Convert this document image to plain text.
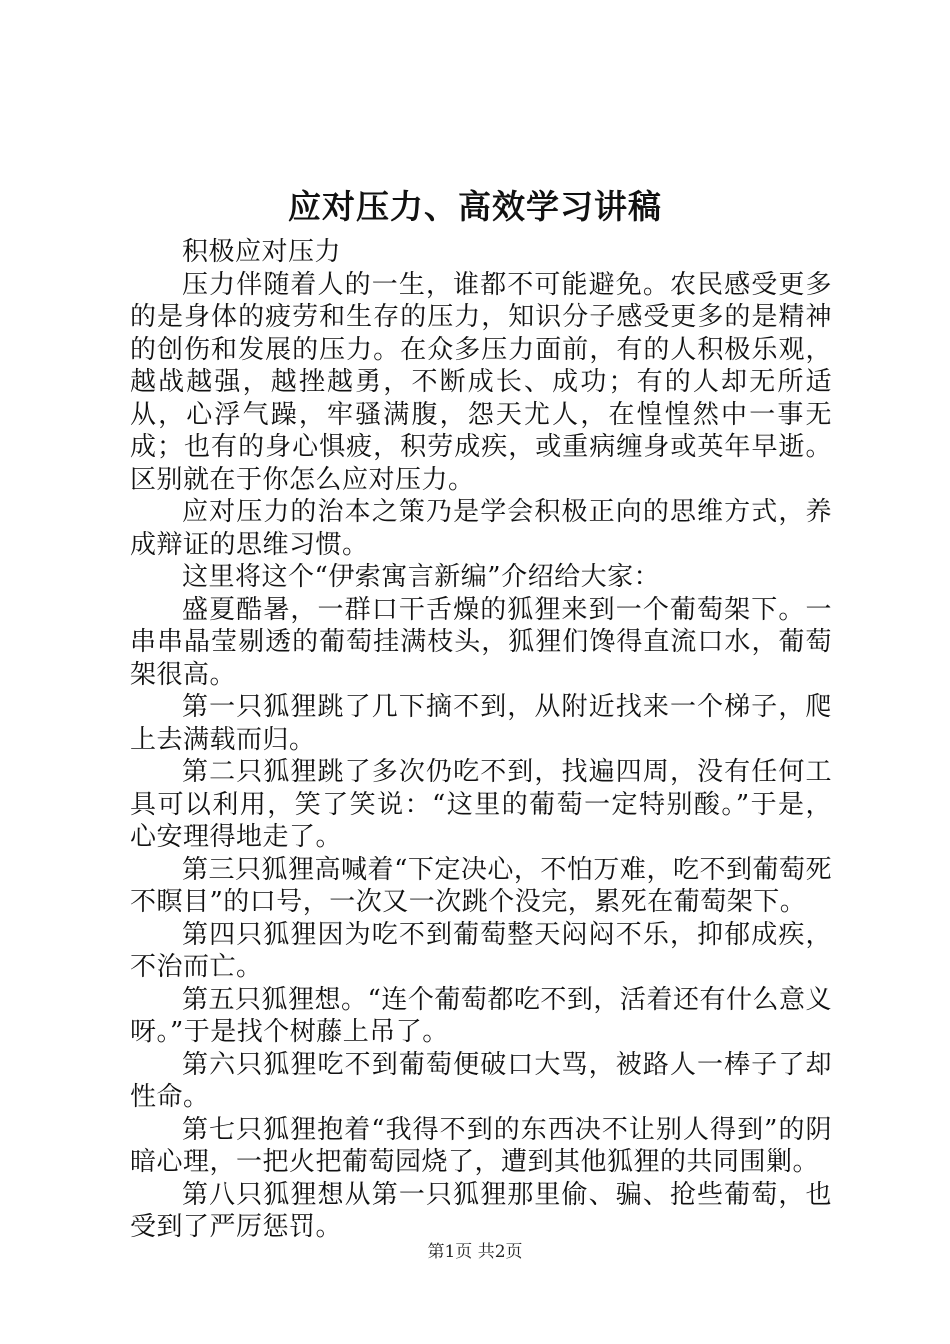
应对压力、高效学习讲稿

积极应对压力

压力伴随着人的一生，谁都不可能避免。农民感受更多的是身体的疲劳和生存的压力，知识分子感受更多的是精神的创伤和发展的压力。在众多压力面前，有的人积极乐观，越战越强，越挫越勇，不断成长、成功；有的人却无所适从，心浮气躁，牢骚满腹，怨天尤人，在惶惶然中一事无成；也有的身心惧疲，积劳成疾，或重病缠身或英年早逝。区别就在于你怎么应对压力。

应对压力的治本之策乃是学会积极正向的思维方式，养成辩证的思维习惯。

这里将这个“伊索寓言新编”介绍给大家：

盛夏酷暑，一群口干舌燥的狐狸来到一个葡萄架下。一串串晶莹剔透的葡萄挂满枝头，狐狸们馋得直流口水，葡萄架很高。

第一只狐狸跳了几下摘不到，从附近找来一个梯子，爬上去满载而归。

第二只狐狸跳了多次仍吃不到，找遍四周，没有任何工具可以利用，笑了笑说：“这里的葡萄一定特别酸。”于是，心安理得地走了。

第三只狐狸高喊着“下定决心，不怕万难，吃不到葡萄死不瞑目”的口号，一次又一次跳个没完，累死在葡萄架下。

第四只狐狸因为吃不到葡萄整天闷闷不乐，抑郁成疾，不治而亡。

第五只狐狸想。“连个葡萄都吃不到，活着还有什么意义呀。”于是找个树藤上吊了。

第六只狐狸吃不到葡萄便破口大骂，被路人一棒子了却性命。

第七只狐狸抱着“我得不到的东西决不让别人得到”的阴暗心理，一把火把葡萄园烧了，遭到其他狐狸的共同围剿。

第八只狐狸想从第一只狐狸那里偷、骗、抢些葡萄，也受到了严厉惩罚。

第1页 共2页
